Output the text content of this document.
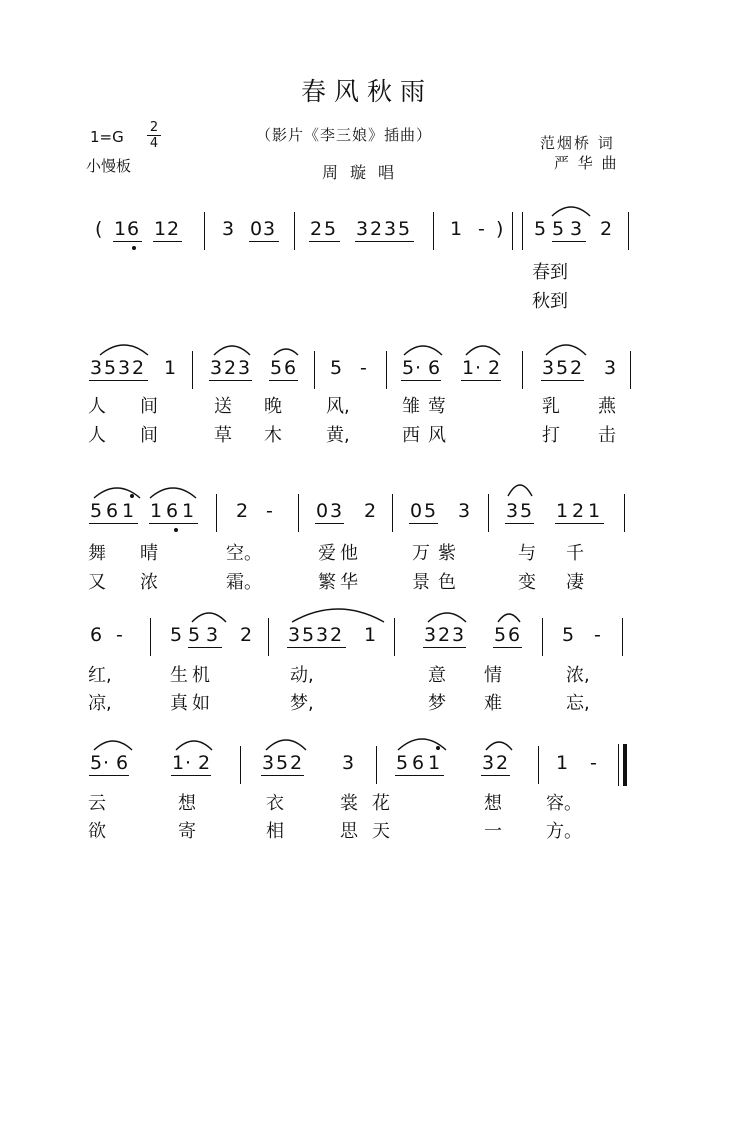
春风秋雨
1=G
2
4
小慢板
（影片《李三娘》插曲）
周璇唱
范烟桥 词
严 华 曲
( 1 6 1 2 3 0 3 2 5 3 2 3 5 1 - ) 5 5 3 2
3 5 3 2 1 3 2 3 5 6 5 - 5 · 6 1 · 2 3 5 2 3
5 6 1 1 6 1 2 - 0 3 2 0 5 3 3 5 1 2 1
6 - 5 5 3 2 3 5 3 2 1	3 2 3 5 6 5 -
5 · 6 1 · 2	3 5 2 3 5 6 1 3 2	1 -
春到
秋到
人 间	送 晚 风,	雏 莺	乳 燕
人 间	草 木 黄,	西 风	打 击
舞 晴	空。	爱他	万紫	与 千
又 浓	霜。	繁华	景色	变 凄
红,	生机	动,	意 情	浓,
凉,	真如	梦,	梦 难	忘,
云	想	衣	裳花	想 容。
欲	寄	相	思天	一 方。
